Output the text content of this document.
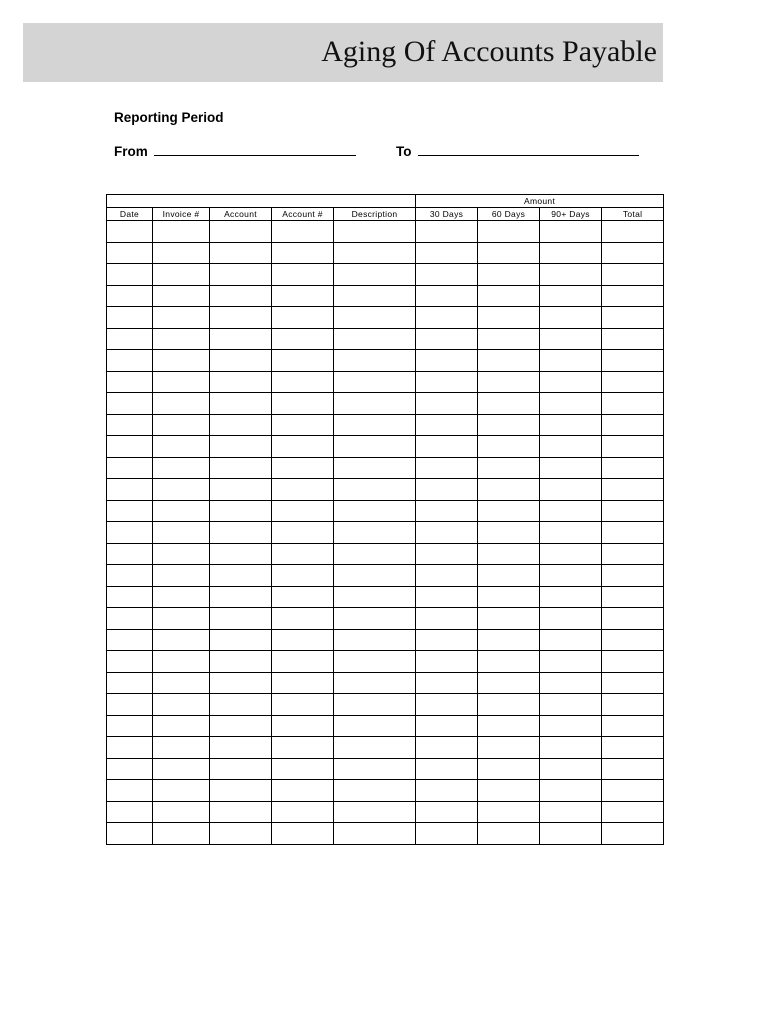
Aging Of Accounts Payable
Reporting Period
From	To
					Amount			
Date	Invoice #	Account	Account #	Description	30 Days	60 Days	90+ Days	Total
